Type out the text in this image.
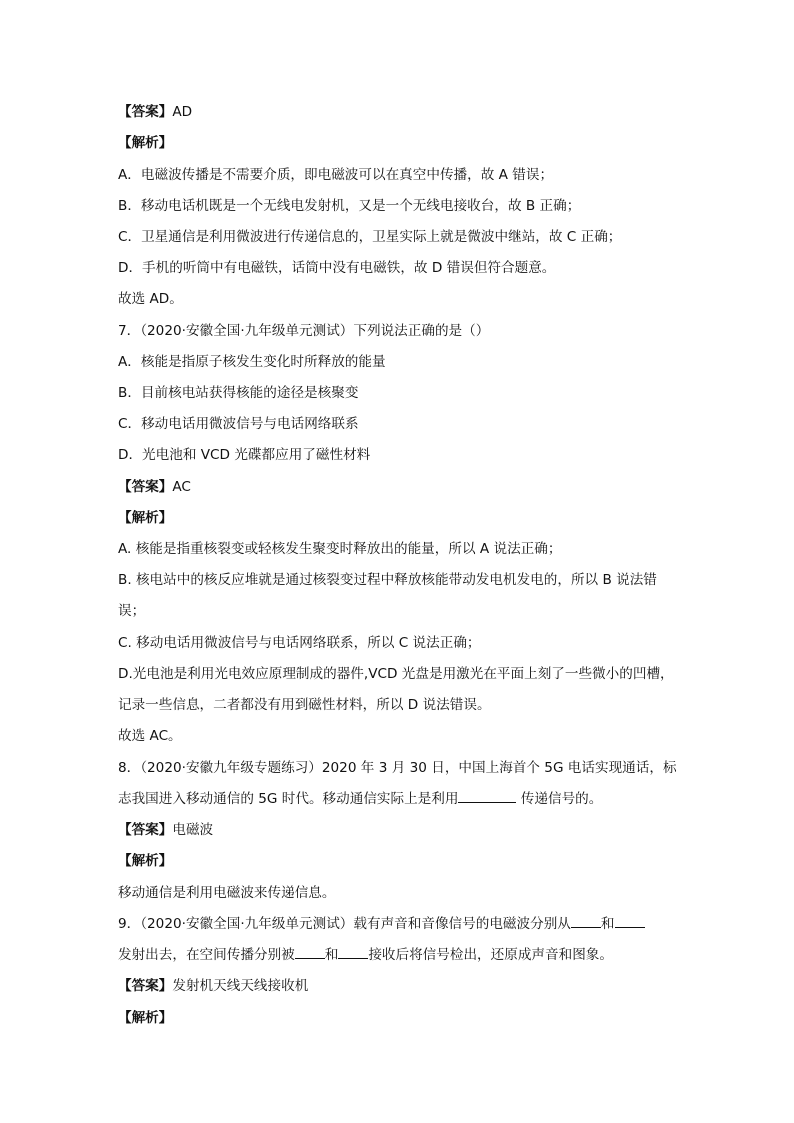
【答案】AD
【解析】
A．电磁波传播是不需要介质，即电磁波可以在真空中传播，故 A 错误；
B．移动电话机既是一个无线电发射机，又是一个无线电接收台，故 B 正确；
C．卫星通信是利用微波进行传递信息的，卫星实际上就是微波中继站，故 C 正确；
D．手机的听筒中有电磁铁，话筒中没有电磁铁，故 D 错误但符合题意。
故选 AD。
7．（2020·安徽全国·九年级单元测试）下列说法正确的是（）
A．核能是指原子核发生变化时所释放的能量
B．目前核电站获得核能的途径是核聚变
C．移动电话用微波信号与电话网络联系
D．光电池和 VCD 光碟都应用了磁性材料
【答案】AC
【解析】
A. 核能是指重核裂变或轻核发生聚变时释放出的能量，所以 A 说法正确；
B. 核电站中的核反应堆就是通过核裂变过程中释放核能带动发电机发电的，所以 B 说法错
误；
C. 移动电话用微波信号与电话网络联系，所以 C 说法正确；
D.光电池是利用光电效应原理制成的器件,VCD 光盘是用激光在平面上刻了一些微小的凹槽，
记录一些信息，二者都没有用到磁性材料，所以 D 说法错误。
故选 AC。
8．（2020·安徽九年级专题练习）2020 年 3 月 30 日，中国上海首个 5G 电话实现通话，标
志我国进入移动通信的 5G 时代。移动通信实际上是利用	传递信号的。
【答案】电磁波
【解析】
移动通信是利用电磁波来传递信息。
9．（2020·安徽全国·九年级单元测试）载有声音和音像信号的电磁波分别从 和
发射出去，在空间传播分别被 和 接收后将信号检出，还原成声音和图象。
【答案】发射机天线天线接收机
【解析】
